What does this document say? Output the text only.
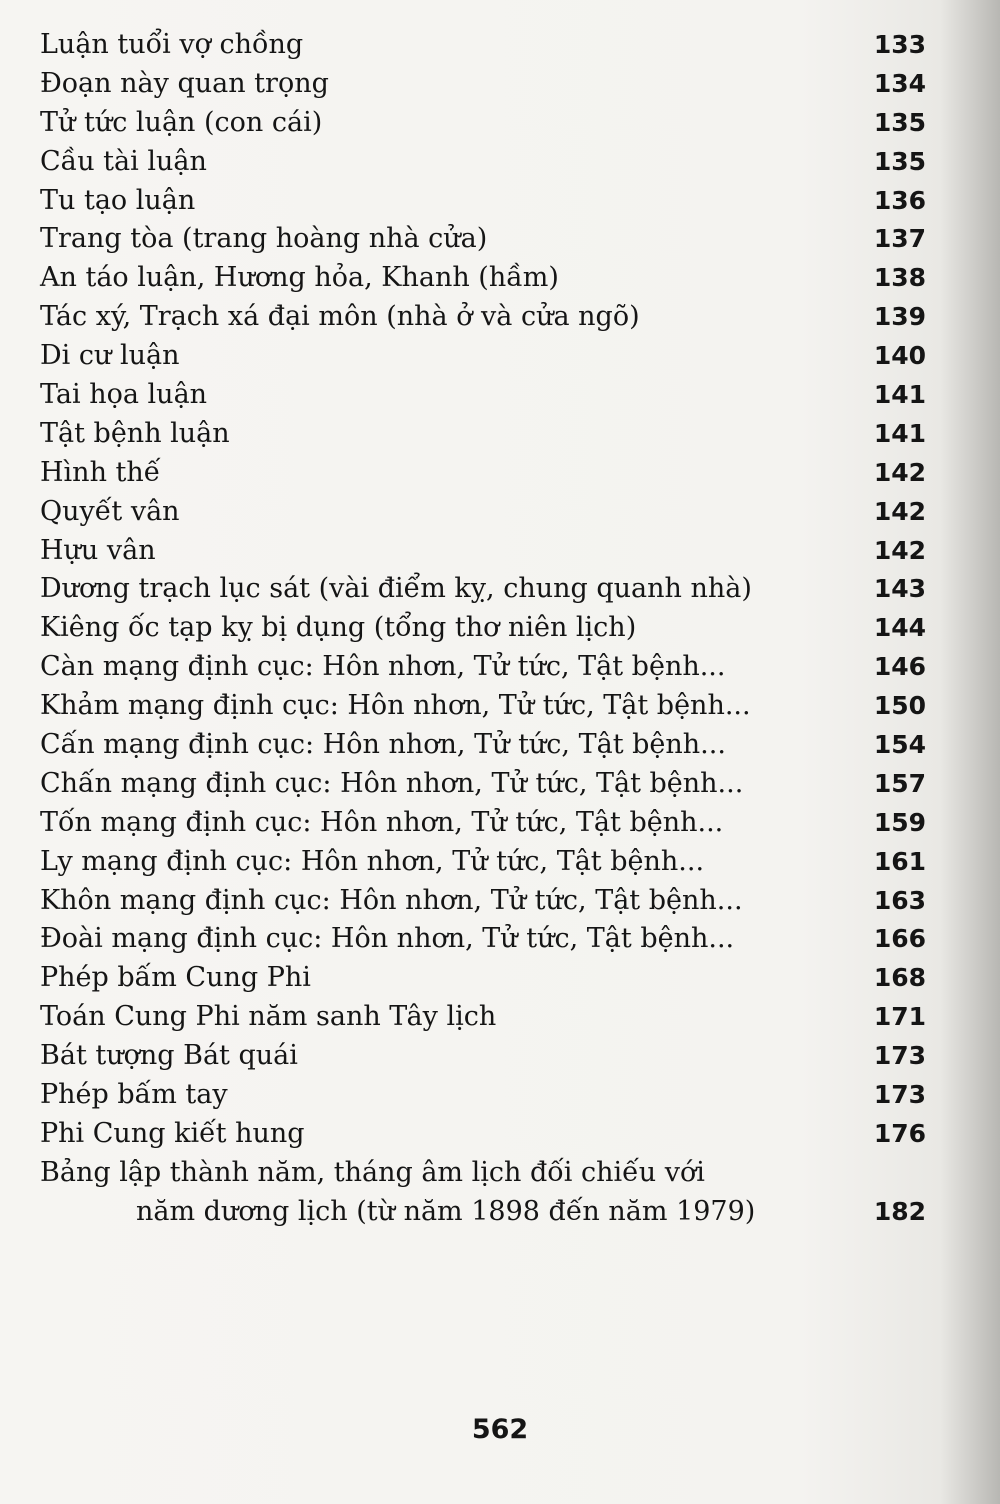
Luận tuổi vợ chồng	133
Đoạn này quan trọng	134
Tử tức luận (con cái)	135
Cầu tài luận	135
Tu tạo luận	136
Trang tòa (trang hoàng nhà cửa)	137
An táo luận, Hương hỏa, Khanh (hầm)	138
Tác xý, Trạch xá đại môn (nhà ở và cửa ngõ)	139
Di cư luận	140
Tai họa luận	141
Tật bệnh luận	141
Hình thế	142
Quyết vân	142
Hựu vân	142
Dương trạch lục sát (vài điểm kỵ, chung quanh nhà)	143
Kiêng ốc tạp kỵ bị dụng (tổng thơ niên lịch)	144
Càn mạng định cục: Hôn nhơn, Tử tức, Tật bệnh...	146
Khảm mạng định cục: Hôn nhơn, Tử tức, Tật bệnh...	150
Cấn mạng định cục: Hôn nhơn, Tử tức, Tật bệnh...	154
Chấn mạng định cục: Hôn nhơn, Tử tức, Tật bệnh...	157
Tốn mạng định cục: Hôn nhơn, Tử tức, Tật bệnh...	159
Ly mạng định cục: Hôn nhơn, Tử tức, Tật bệnh...	161
Khôn mạng định cục: Hôn nhơn, Tử tức, Tật bệnh...	163
Đoài mạng định cục: Hôn nhơn, Tử tức, Tật bệnh...	166
Phép bấm Cung Phi	168
Toán Cung Phi năm sanh Tây lịch	171
Bát tượng Bát quái	173
Phép bấm tay	173
Phi Cung kiết hung	176
Bảng lập thành năm, tháng âm lịch đối chiếu với
năm dương lịch (từ năm 1898 đến năm 1979)	182
562
